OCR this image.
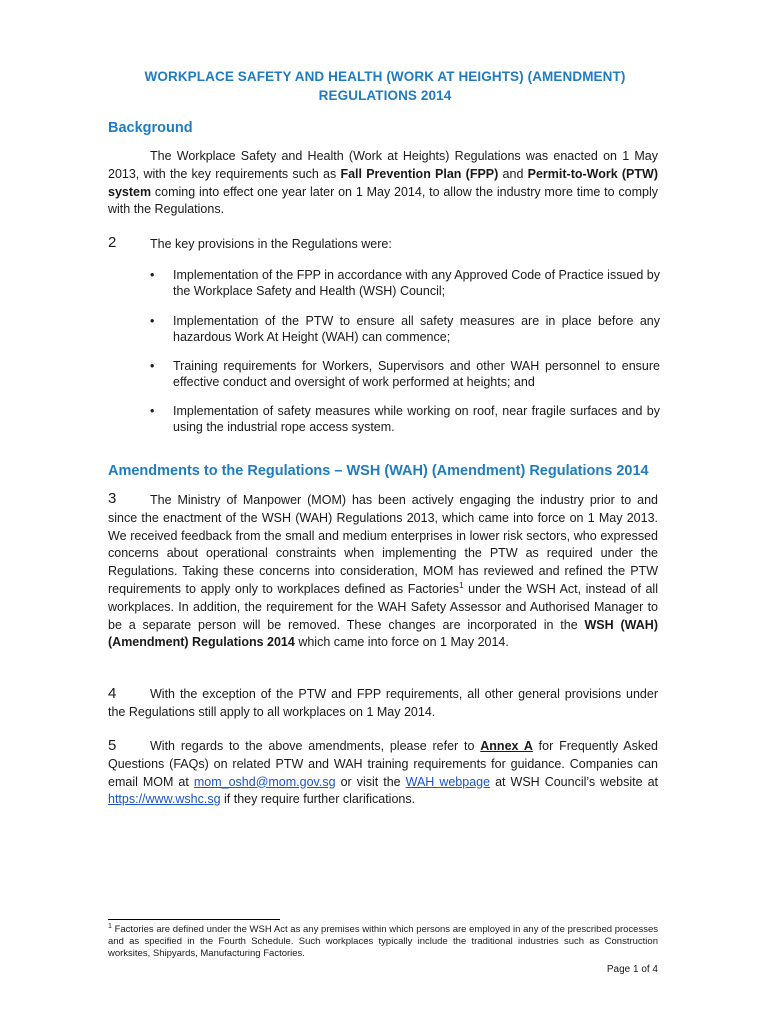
WORKPLACE SAFETY AND HEALTH (WORK AT HEIGHTS) (AMENDMENT)
REGULATIONS 2014
Background
The Workplace Safety and Health (Work at Heights) Regulations was enacted on 1 May 2013, with the key requirements such as Fall Prevention Plan (FPP) and Permit-to-Work (PTW) system coming into effect one year later on 1 May 2014, to allow the industry more time to comply with the Regulations.
2	The key provisions in the Regulations were:
• Implementation of the FPP in accordance with any Approved Code of Practice issued by the Workplace Safety and Health (WSH) Council;
• Implementation of the PTW to ensure all safety measures are in place before any hazardous Work At Height (WAH) can commence;
• Training requirements for Workers, Supervisors and other WAH personnel to ensure effective conduct and oversight of work performed at heights; and
• Implementation of safety measures while working on roof, near fragile surfaces and by using the industrial rope access system.
Amendments to the Regulations – WSH (WAH) (Amendment) Regulations 2014
3	The Ministry of Manpower (MOM) has been actively engaging the industry prior to and since the enactment of the WSH (WAH) Regulations 2013, which came into force on 1 May 2013. We received feedback from the small and medium enterprises in lower risk sectors, who expressed concerns about operational constraints when implementing the PTW as required under the Regulations. Taking these concerns into consideration, MOM has reviewed and refined the PTW requirements to apply only to workplaces defined as Factories$^1$ under the WSH Act, instead of all workplaces. In addition, the requirement for the WAH Safety Assessor and Authorised Manager to be a separate person will be removed. These changes are incorporated in the WSH (WAH) (Amendment) Regulations 2014 which came into force on 1 May 2014.
4	With the exception of the PTW and FPP requirements, all other general provisions under the Regulations still apply to all workplaces on 1 May 2014.
5	With regards to the above amendments, please refer to Annex A for Frequently Asked Questions (FAQs) on related PTW and WAH training requirements for guidance. Companies can email MOM at mom_oshd@mom.gov.sg or visit the WAH webpage at WSH Council’s website at https://www.wshc.sg if they require further clarifications.
$^1$ Factories are defined under the WSH Act as any premises within which persons are employed in any of the prescribed processes and as specified in the Fourth Schedule. Such workplaces typically include the traditional industries such as Construction worksites, Shipyards, Manufacturing Factories.
Page 1 of 4
